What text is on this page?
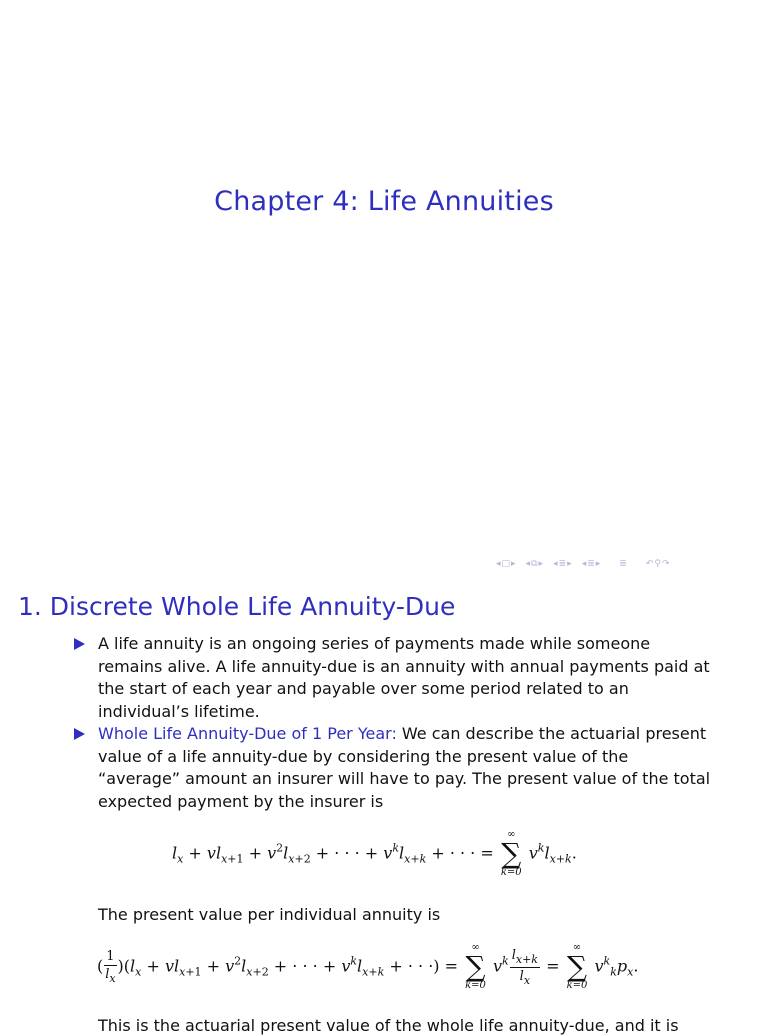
Chapter 4: Life Annuities
◂ □ ▸ ◂ ⧉ ▸ ◂ ≣ ▸ ◂ ≣ ▸ ≣ ↶ ⚲ ↷
1. Discrete Whole Life Annuity-Due
A life annuity is an ongoing series of payments made while someone remains alive. A life annuity-due is an annuity with annual payments paid at the start of each year and payable over some period related to an individual’s lifetime.
Whole Life Annuity-Due of 1 Per Year: We can describe the actuarial present value of a life annuity-due by considering the present value of the “average” amount an insurer will have to pay. The present value of the total expected payment by the insurer is
$l_x + vl_{x+1} + v^2l_{x+2}$ + · · · + $v^kl_{x+k}$ + · · · =
∞
∑
k=0
$v^kl_{x+k}$.
The present value per individual annuity is
( $\frac{1}{l_x} )(l_x + vl_{x+1} + v^2l_{x+2}$ + · · · + $v^kl_{x+k}$ + · · ·) =
∞
∑
k=0
$v^k \frac{l_{x+k}}{l_x}$ =
∞
∑
k=0
$v^k_kp_x$.
This is the actuarial present value of the whole life annuity-due, and it is
